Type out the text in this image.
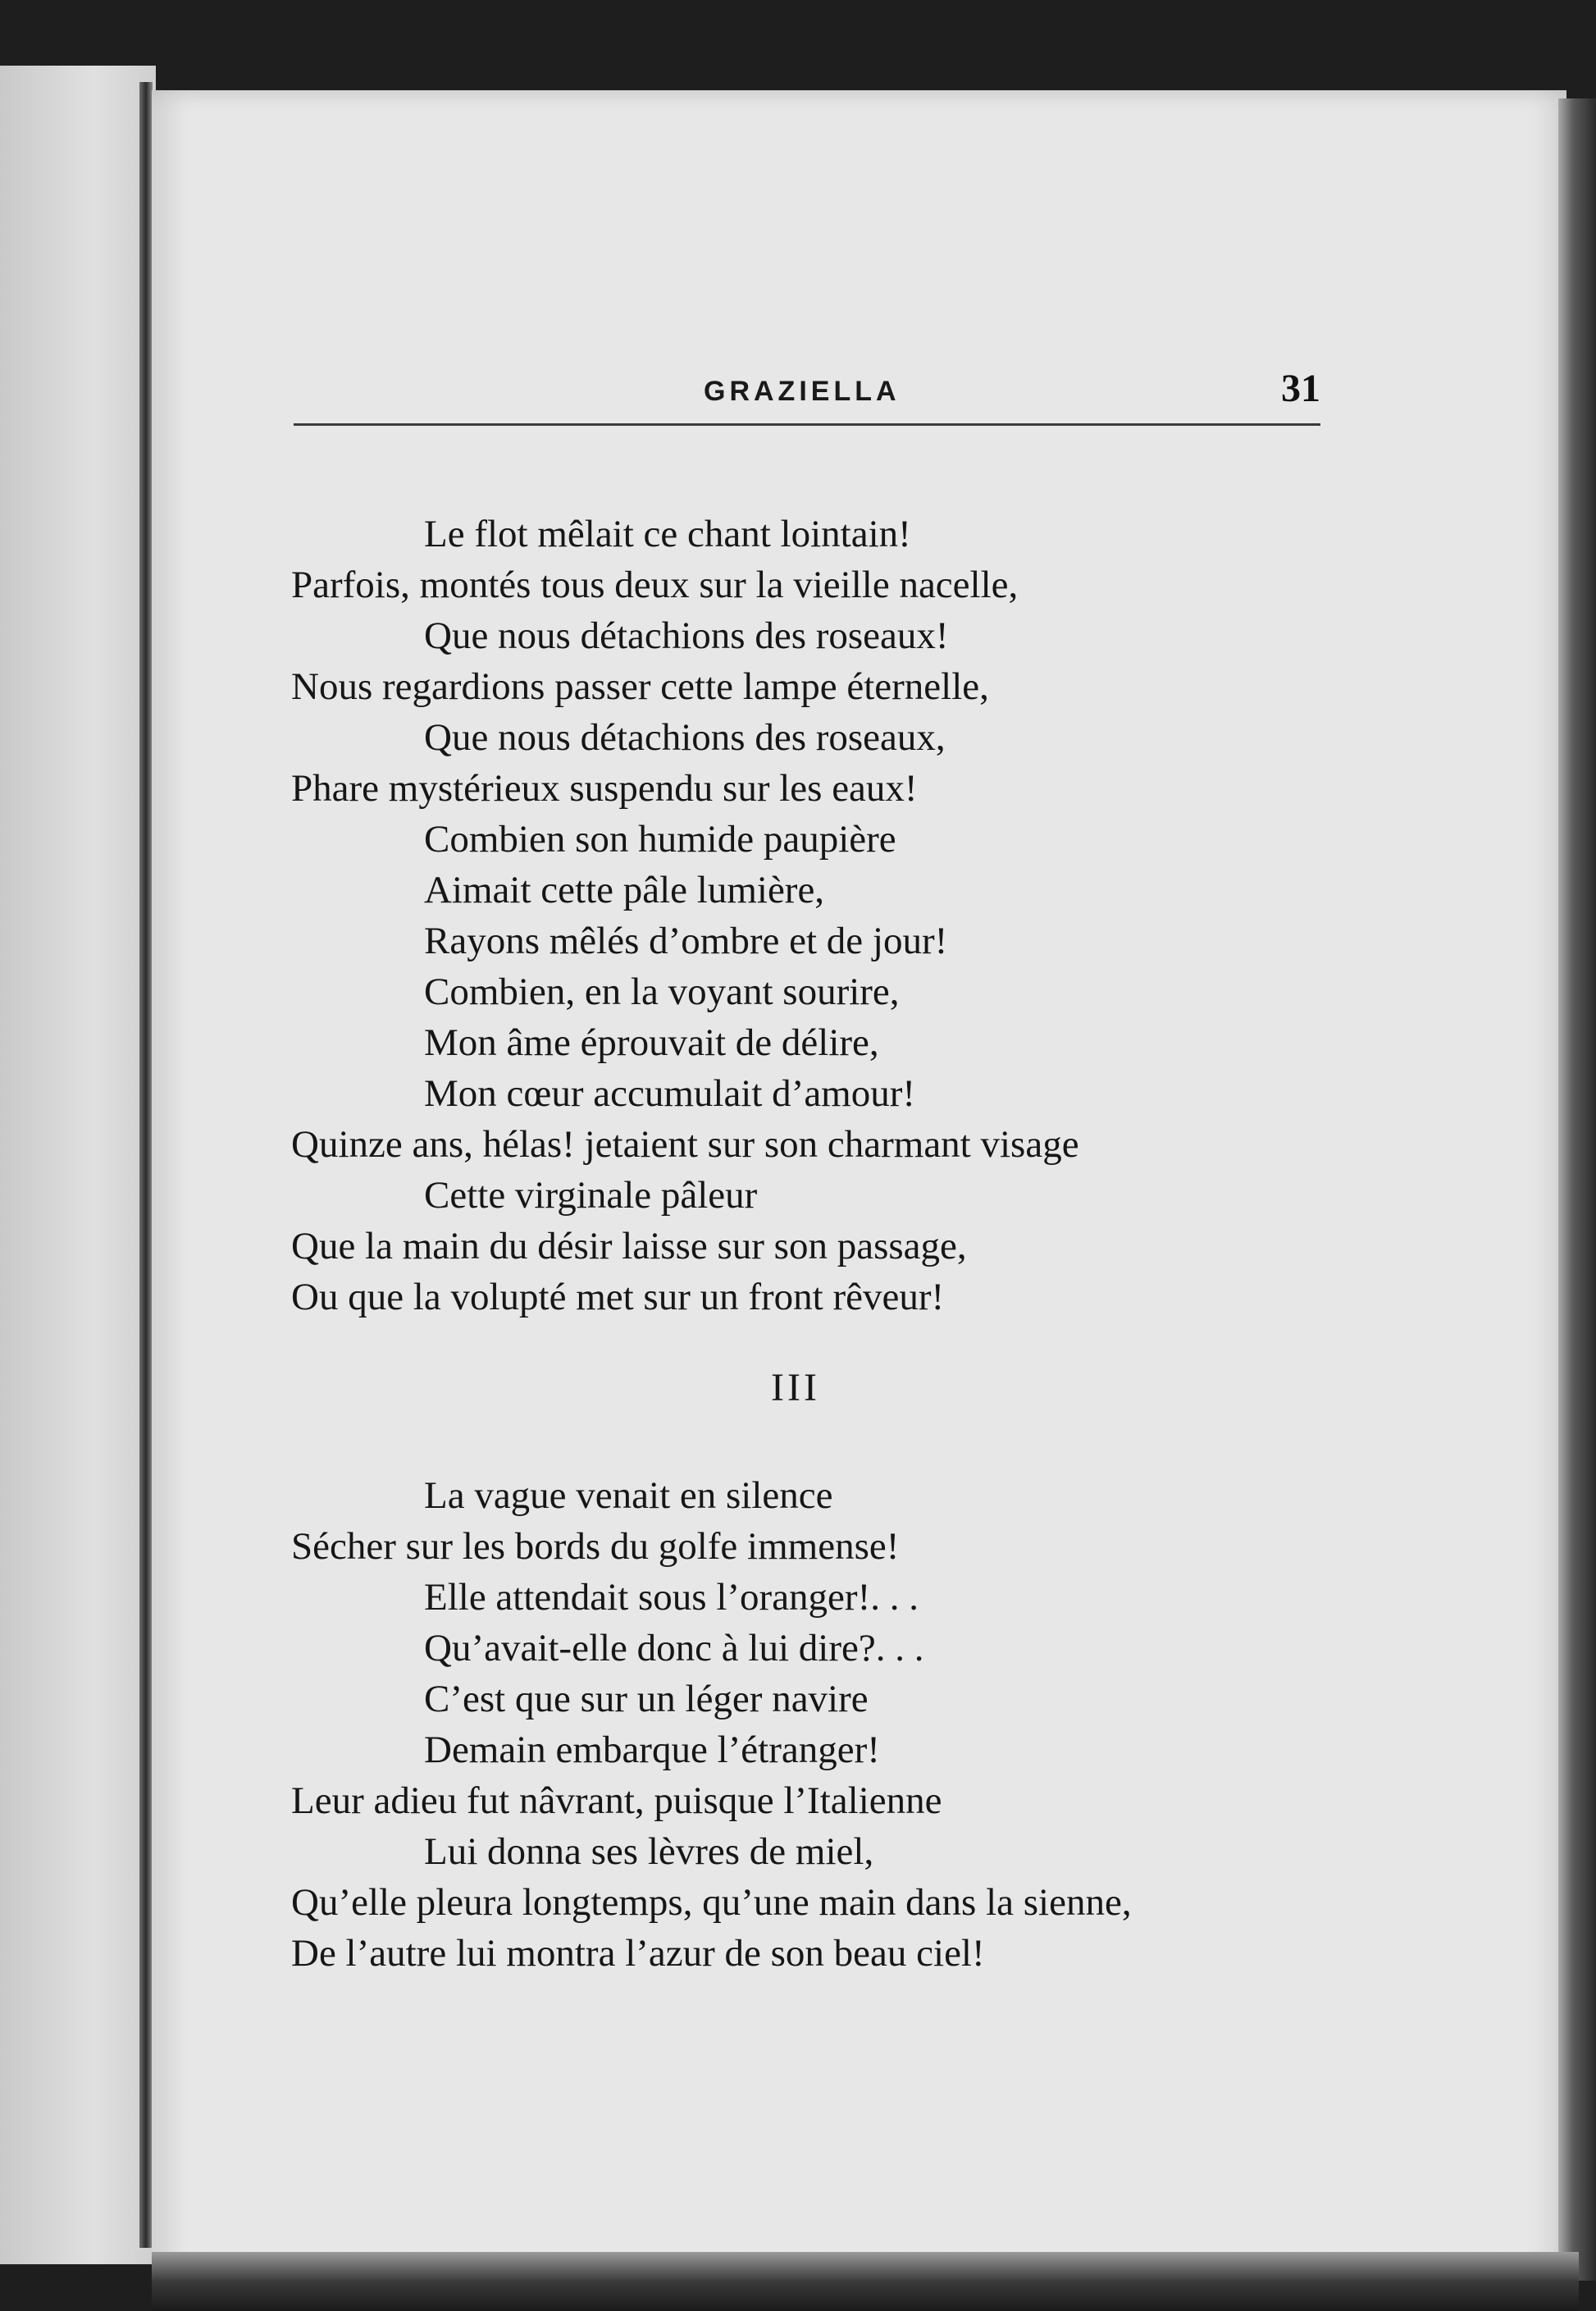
GRAZIELLA	31
Le flot mêlait ce chant lointain!
Parfois, montés tous deux sur la vieille nacelle,
Que nous détachions des roseaux!
Nous regardions passer cette lampe éternelle,
Que nous détachions des roseaux,
Phare mystérieux suspendu sur les eaux!
Combien son humide paupière
Aimait cette pâle lumière,
Rayons mêlés d’ombre et de jour!
Combien, en la voyant sourire,
Mon âme éprouvait de délire,
Mon cœur accumulait d’amour!
Quinze ans, hélas! jetaient sur son charmant visage
Cette virginale pâleur
Que la main du désir laisse sur son passage,
Ou que la volupté met sur un front rêveur!
III
La vague venait en silence
Sécher sur les bords du golfe immense!
Elle attendait sous l’oranger!. . .
Qu’avait-elle donc à lui dire?. . .
C’est que sur un léger navire
Demain embarque l’étranger!
Leur adieu fut nâvrant, puisque l’Italienne
Lui donna ses lèvres de miel,
Qu’elle pleura longtemps, qu’une main dans la sienne,
De l’autre lui montra l’azur de son beau ciel!
